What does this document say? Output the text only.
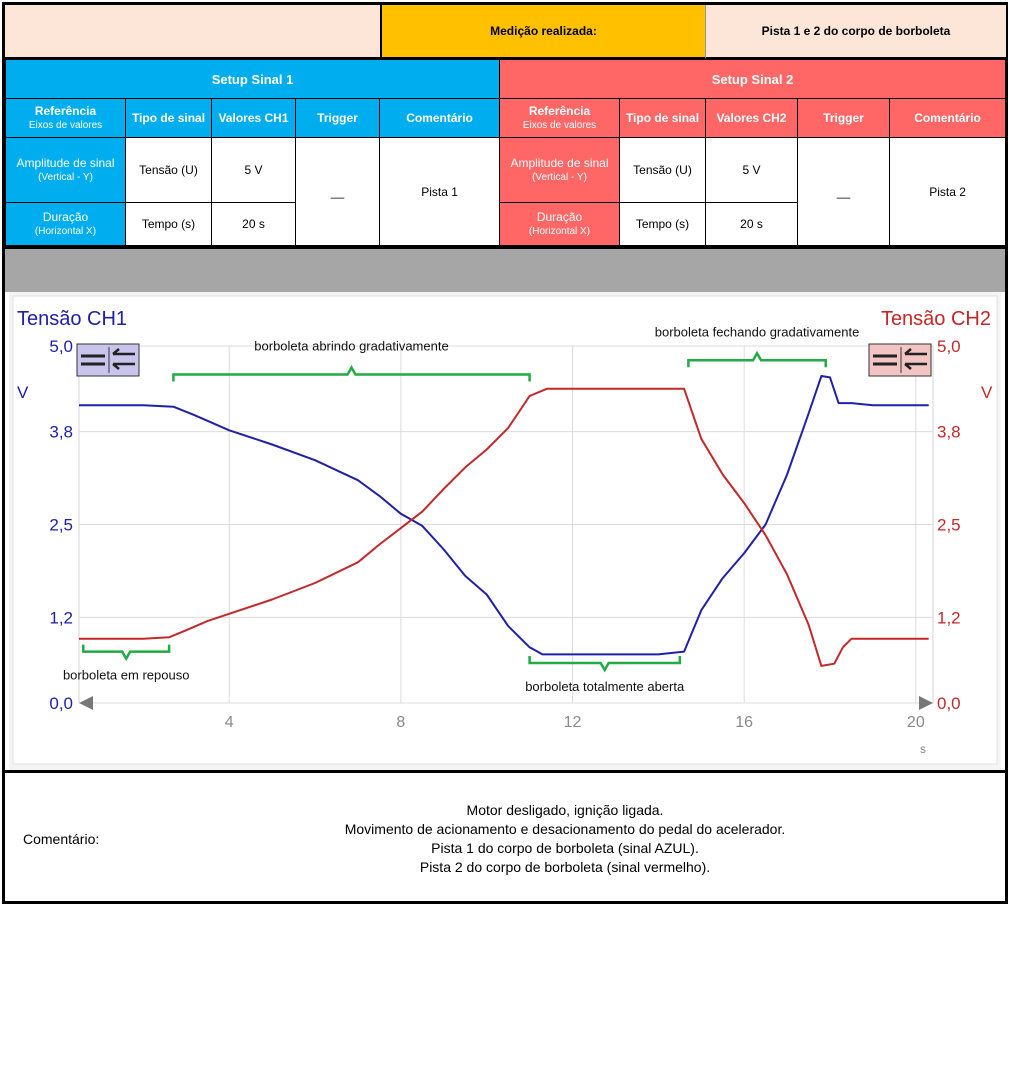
Medição realizada:	Pista 1 e 2 do corpo de borboleta
Setup Sinal 1				
Referência
Eixos de valores	Tipo de sinal	Valores CH1	Trigger	Comentário
Amplitude de sinal
(Vertical - Y)	Tensão (U)	5 V	__	Pista 1
Duração
(Horizontal X)	Tempo (s)	20 s		
Setup Sinal 2				
Referência
Eixos de valores	Tipo de sinal	Valores CH2	Trigger	Comentário
Amplitude de sinal
(Vertical - Y)	Tensão (U)	5 V	__	Pista 2
Duração
(Horizontal X)	Tempo (s)	20 s		
borboleta abrindo gradativamente
borboleta fechando gradativamente
borboleta em repouso
borboleta totalmente aberta
4	8	12	16	20
0,0	0,0
1,2	1,2
2,5	2,5
3,8	3,8
5,0	5,0
Tensão CH1	Tensão CH2
V	V
s
Comentário:
Motor desligado, ignição ligada.
Movimento de acionamento e desacionamento do pedal do acelerador.
Pista 1 do corpo de borboleta (sinal AZUL).
Pista 2 do corpo de borboleta (sinal vermelho).
